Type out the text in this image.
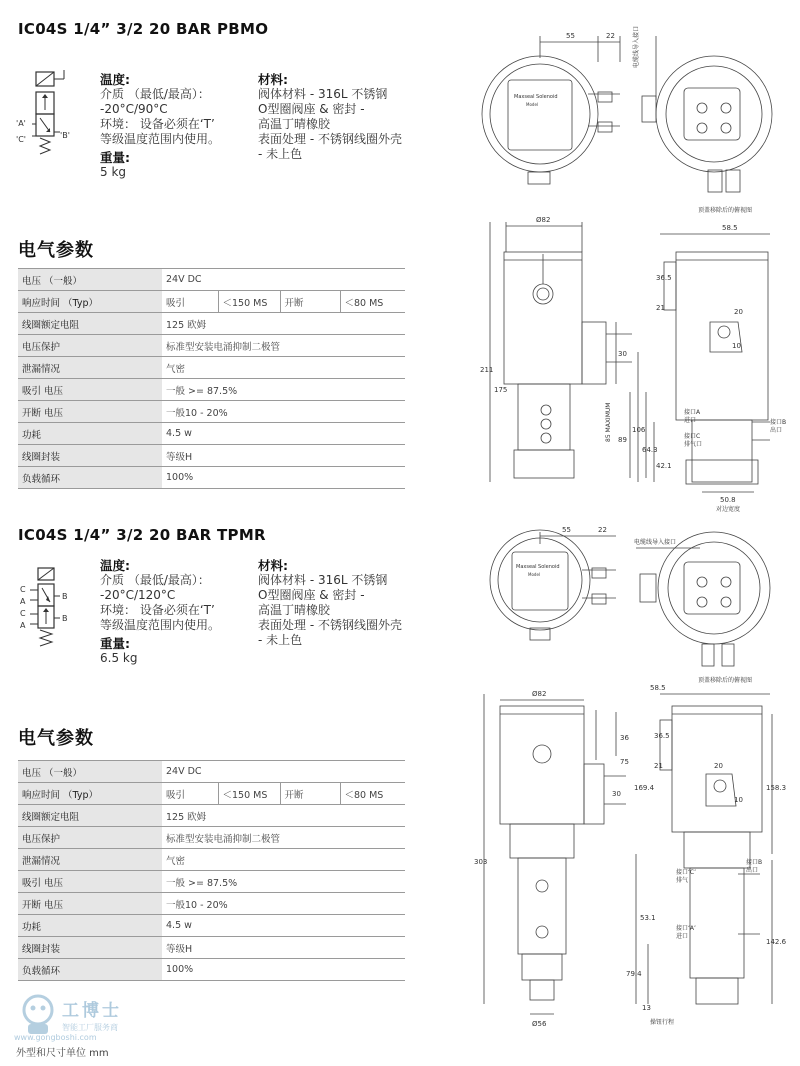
IC04S 1/4” 3/2 20 BAR PBMO
'A'
'C'	'B'
温度:
介质 （最低/最高）：
-20°C/90°C
环境： 设备必须在‘T’
等级温度范围内使用。
重量:
5 kg
材料:
阀体材料 - 316L 不锈钢
O型圈阀座 & 密封 -
高温丁晴橡胶
表面处理 - 不锈钢线圈外壳
- 未上色
电气参数
电压 （一般）	24V DC			
响应时间 （Typ）	吸引	＜150 MS	开断	＜80 MS
线圈额定电阻	125 欧姆			
电压保护	标准型安装电涌抑制二极管			
泄漏情况	气密			
吸引 电压	一般 >= 87.5%			
开断 电压	一般10 - 20%			
功耗	4.5 w			
线圈封装	等级H			
负载循环	100%			
55	22	电缆线导入接口
顶盖移除后的俯视图
Maxseal Solenoid
Model
Ø82
58.5
211
175
30
89
106
36.5
21	20
10
64.3
42.1
85 MAXIMUM	接口A
进口
接口C
排气口
接口B
出口
50.8
对边宽度
IC04S 1/4” 3/2 20 BAR TPMR
C
A
C
A
B
B
温度:
介质 （最低/最高）：
-20°C/120°C
环境： 设备必须在‘T’
等级温度范围内使用。
重量:
6.5 kg
材料:
阀体材料 - 316L 不锈钢
O型圈阀座 & 密封 -
高温丁晴橡胶
表面处理 - 不锈钢线圈外壳
- 未上色
电气参数
电压 （一般）	24V DC			
响应时间 （Typ）	吸引	＜150 MS	开断	＜80 MS
线圈额定电阻	125 欧姆			
电压保护	标准型安装电涌抑制二极管			
泄漏情况	气密			
吸引 电压	一般 >= 87.5%			
开断 电压	一般10 - 20%			
功耗	4.5 w			
线圈封装	等级H			
负载循环	100%			
55	22
电缆线导入接口
顶盖移除后的俯视图
Maxseal Solenoid
Model
Ø82
58.5
303
36
75
30
169.4
21
36.5
20
10
158.3
53.1
142.6
79.4
13
接口‘C’
排气
接口B
出口
接口‘A’
进口
Ø56	操钮行程
工博士
智能工厂服务商
www.gongboshi.com
外型和尺寸单位 mm
